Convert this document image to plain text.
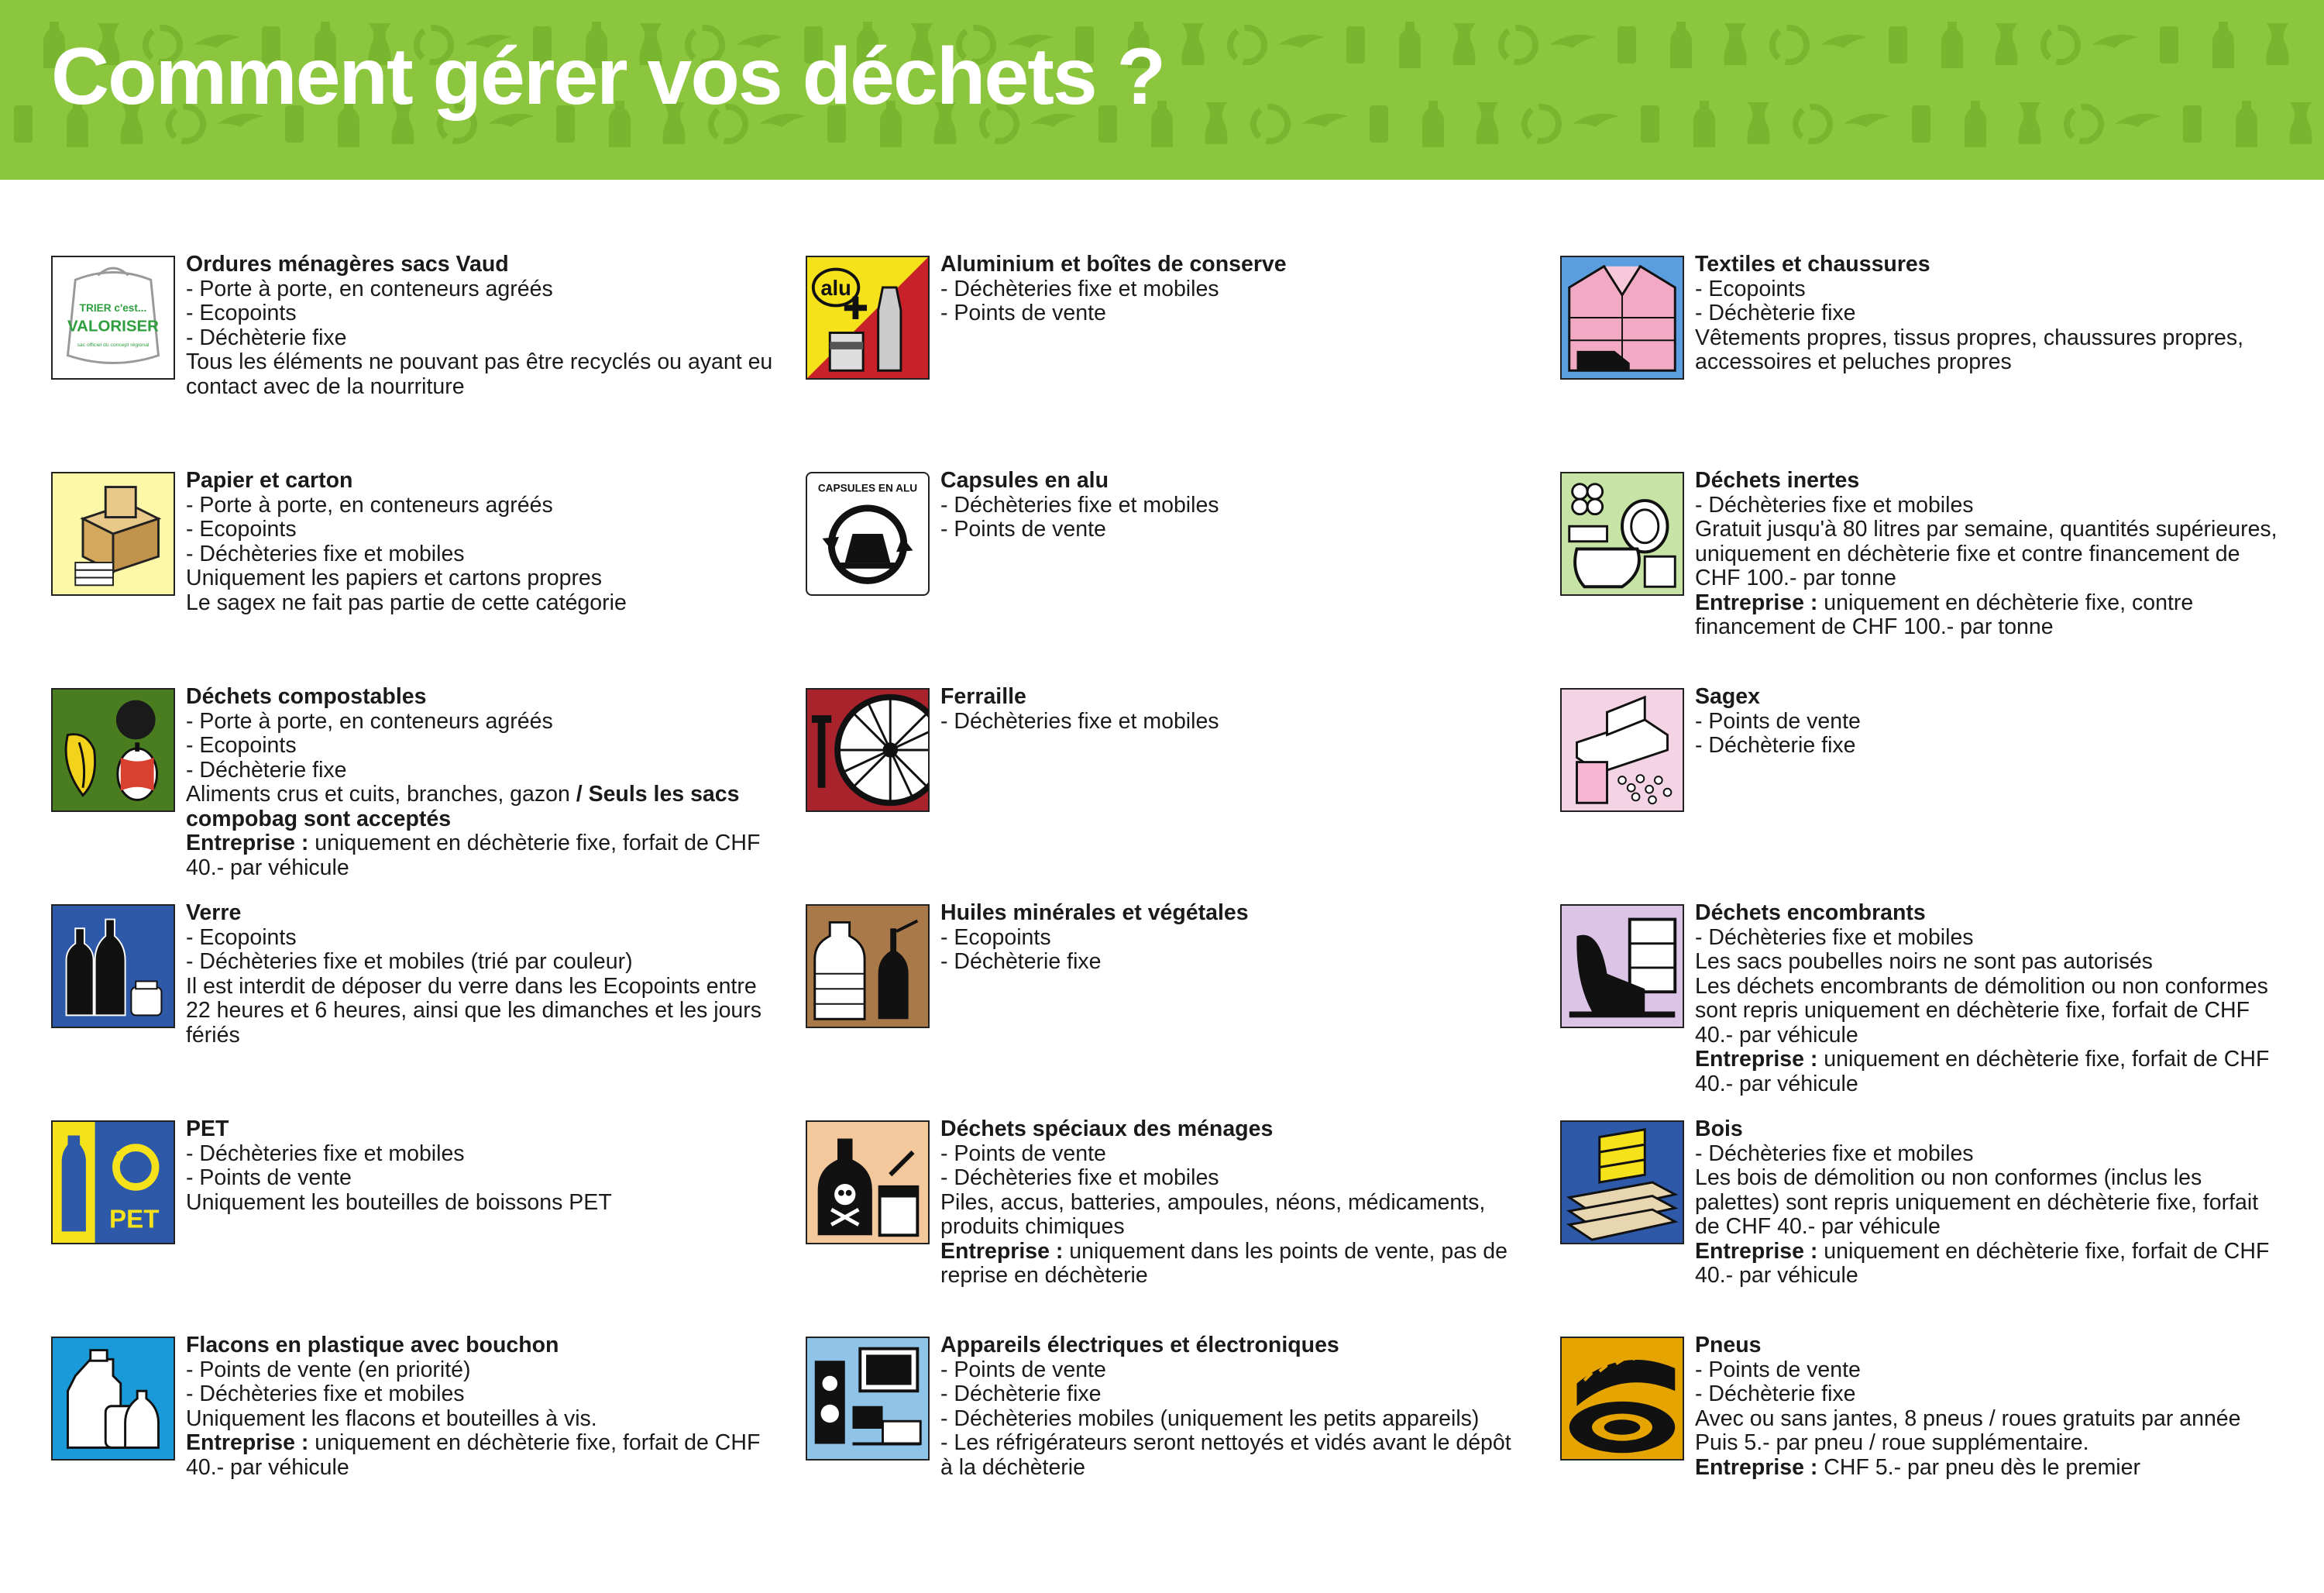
Comment gérer vos déchets ?
TRIER c'est...
VALORISER
sac officiel du concept régional
Ordures ménagères sacs Vaud
- Porte à porte, en conteneurs agréés
- Ecopoints
- Déchèterie fixe
Tous les éléments ne pouvant pas être recyclés ou ayant eu contact avec de la nourriture
Papier et carton
- Porte à porte, en conteneurs agréés
- Ecopoints
- Déchèteries fixe et mobiles
Uniquement les papiers et cartons propres
Le sagex ne fait pas partie de cette catégorie
Déchets compostables
- Porte à porte, en conteneurs agréés
- Ecopoints
- Déchèterie fixe
Aliments crus et cuits, branches, gazon / Seuls les sacs compobag sont acceptés
Entreprise : uniquement en déchèterie fixe, forfait de CHF 40.- par véhicule
Verre
- Ecopoints
- Déchèteries fixe et mobiles (trié par couleur)
Il est interdit de déposer du verre dans les Ecopoints entre 22 heures et 6 heures, ainsi que les dimanches et les jours fériés
PET
PET
- Déchèteries fixe et mobiles
- Points de vente
Uniquement les bouteilles de boissons PET
Flacons en plastique avec bouchon
- Points de vente (en priorité)
- Déchèteries fixe et mobiles
Uniquement les flacons et bouteilles à vis.
Entreprise : uniquement en déchèterie fixe, forfait de CHF 40.- par véhicule
alu
Aluminium et boîtes de conserve
- Déchèteries fixe et mobiles
- Points de vente
CAPSULES EN ALU Capsules en alu
- Déchèteries fixe et mobiles
- Points de vente
Ferraille
- Déchèteries fixe et mobiles
Huiles minérales et végétales
- Ecopoints
- Déchèterie fixe
Déchets spéciaux des ménages
- Points de vente
- Déchèteries fixe et mobiles
Piles, accus, batteries, ampoules, néons, médicaments, produits chimiques
Entreprise : uniquement dans les points de vente, pas de reprise en déchèterie
Appareils électriques et électroniques
- Points de vente
- Déchèterie fixe
- Déchèteries mobiles (uniquement les petits appareils)
- Les réfrigérateurs seront nettoyés et vidés avant le dépôt à la déchèterie
Textiles et chaussures
- Ecopoints
- Déchèterie fixe
Vêtements propres, tissus propres, chaussures propres, accessoires et peluches propres
Déchets inertes
- Déchèteries fixe et mobiles
Gratuit jusqu'à 80 litres par semaine, quantités supérieures, uniquement en déchèterie fixe et contre financement de CHF 100.- par tonne
Entreprise : uniquement en déchèterie fixe, contre financement de CHF 100.- par tonne
Sagex
- Points de vente
- Déchèterie fixe
Déchets encombrants
- Déchèteries fixe et mobiles
Les sacs poubelles noirs ne sont pas autorisés
Les déchets encombrants de démolition ou non conformes sont repris uniquement en déchèterie fixe, forfait de CHF 40.- par véhicule
Entreprise : uniquement en déchèterie fixe, forfait de CHF 40.- par véhicule
Bois
- Déchèteries fixe et mobiles
Les bois de démolition ou non conformes (inclus les palettes) sont repris uniquement en déchèterie fixe, forfait de CHF 40.- par véhicule
Entreprise : uniquement en déchèterie fixe, forfait de CHF 40.- par véhicule
Pneus
- Points de vente
- Déchèterie fixe
Avec ou sans jantes, 8 pneus / roues gratuits par année
Puis 5.- par pneu / roue supplémentaire.
Entreprise : CHF 5.- par pneu dès le premier
